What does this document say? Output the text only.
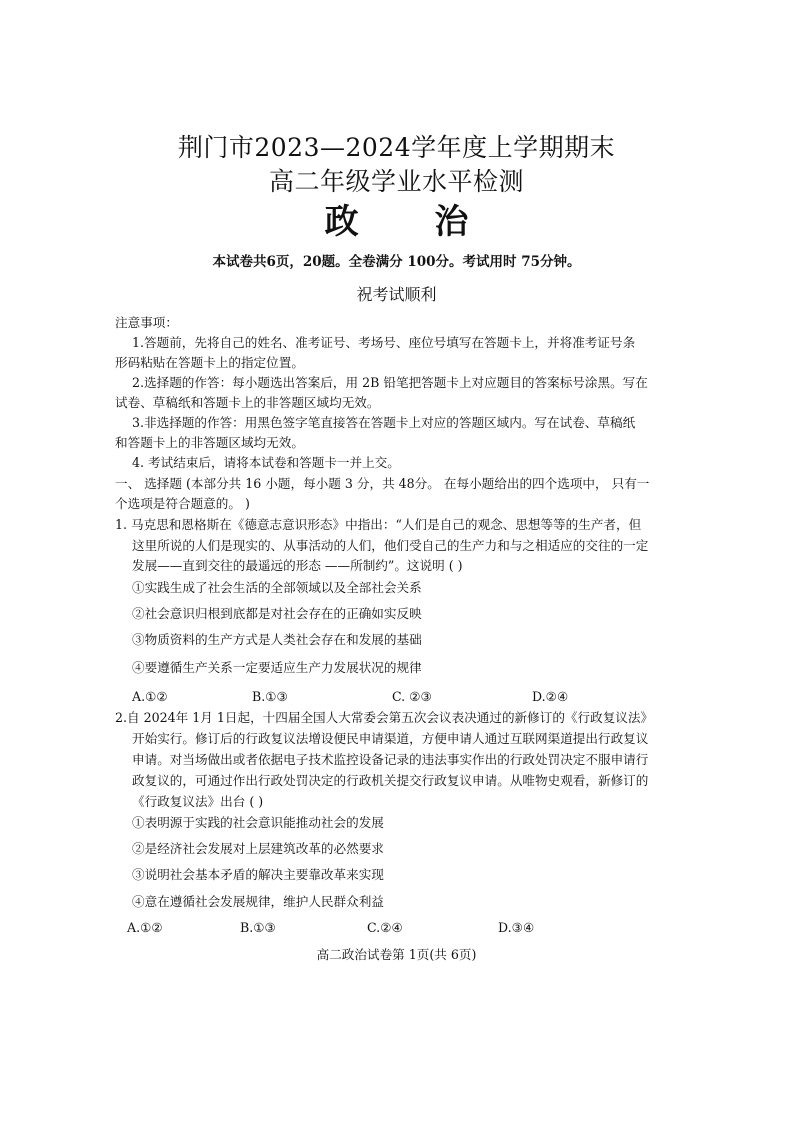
荆门市2023—2024学年度上学期期末
高二年级学业水平检测
政 治
本试卷共6页，20题。全卷满分 100分。考试用时 75分钟。
祝考试顺利
注意事项：
1.答题前，先将自己的姓名、准考证号、考场号、座位号填写在答题卡上，并将准考证号条
形码粘贴在答题卡上的指定位置。
2.选择题的作答：每小题选出答案后，用 2B 铅笔把答题卡上对应题目的答案标号涂黑。写在
试卷、草稿纸和答题卡上的非答题区域均无效。
3.非选择题的作答：用黑色签字笔直接答在答题卡上对应的答题区域内。写在试卷、草稿纸
和答题卡上的非答题区域均无效。
4. 考试结束后，请将本试卷和答题卡一并上交。
一、 选择题 (本部分共 16 小题，每小题 3 分，共 48分。 在每小题给出的四个选项中， 只有一
个选项是符合题意的。 )
1. 马克思和恩格斯在《德意志意识形态》中指出：“人们是自己的观念、思想等等的生产者，但
这里所说的人们是现实的、从事活动的人们，他们受自己的生产力和与之相适应的交往的一定
发展——直到交往的最遥远的形态 ——所制约”。这说明 ( )
①实践生成了社会生活的全部领域以及全部社会关系
②社会意识归根到底都是对社会存在的正确如实反映
③物质资料的生产方式是人类社会存在和发展的基础
④要遵循生产关系一定要适应生产力发展状况的规律
A.①②	B.①③	C. ②③	D.②④
2.自 2024年 1月 1日起，十四届全国人大常委会第五次会议表决通过的新修订的《行政复议法》
开始实行。修订后的行政复议法增设便民申请渠道，方便申请人通过互联网渠道提出行政复议
申请。对当场做出或者依据电子技术监控设备记录的违法事实作出的行政处罚决定不服申请行
政复议的，可通过作出行政处罚决定的行政机关提交行政复议申请。从唯物史观看，新修订的
《行政复议法》出台 ( )
①表明源于实践的社会意识能推动社会的发展
②是经济社会发展对上层建筑改革的必然要求
③说明社会基本矛盾的解决主要靠改革来实现
④意在遵循社会发展规律，维护人民群众利益
A.①②	B.①③	C.②④	D.③④
高二政治试卷第 1页(共 6页)
